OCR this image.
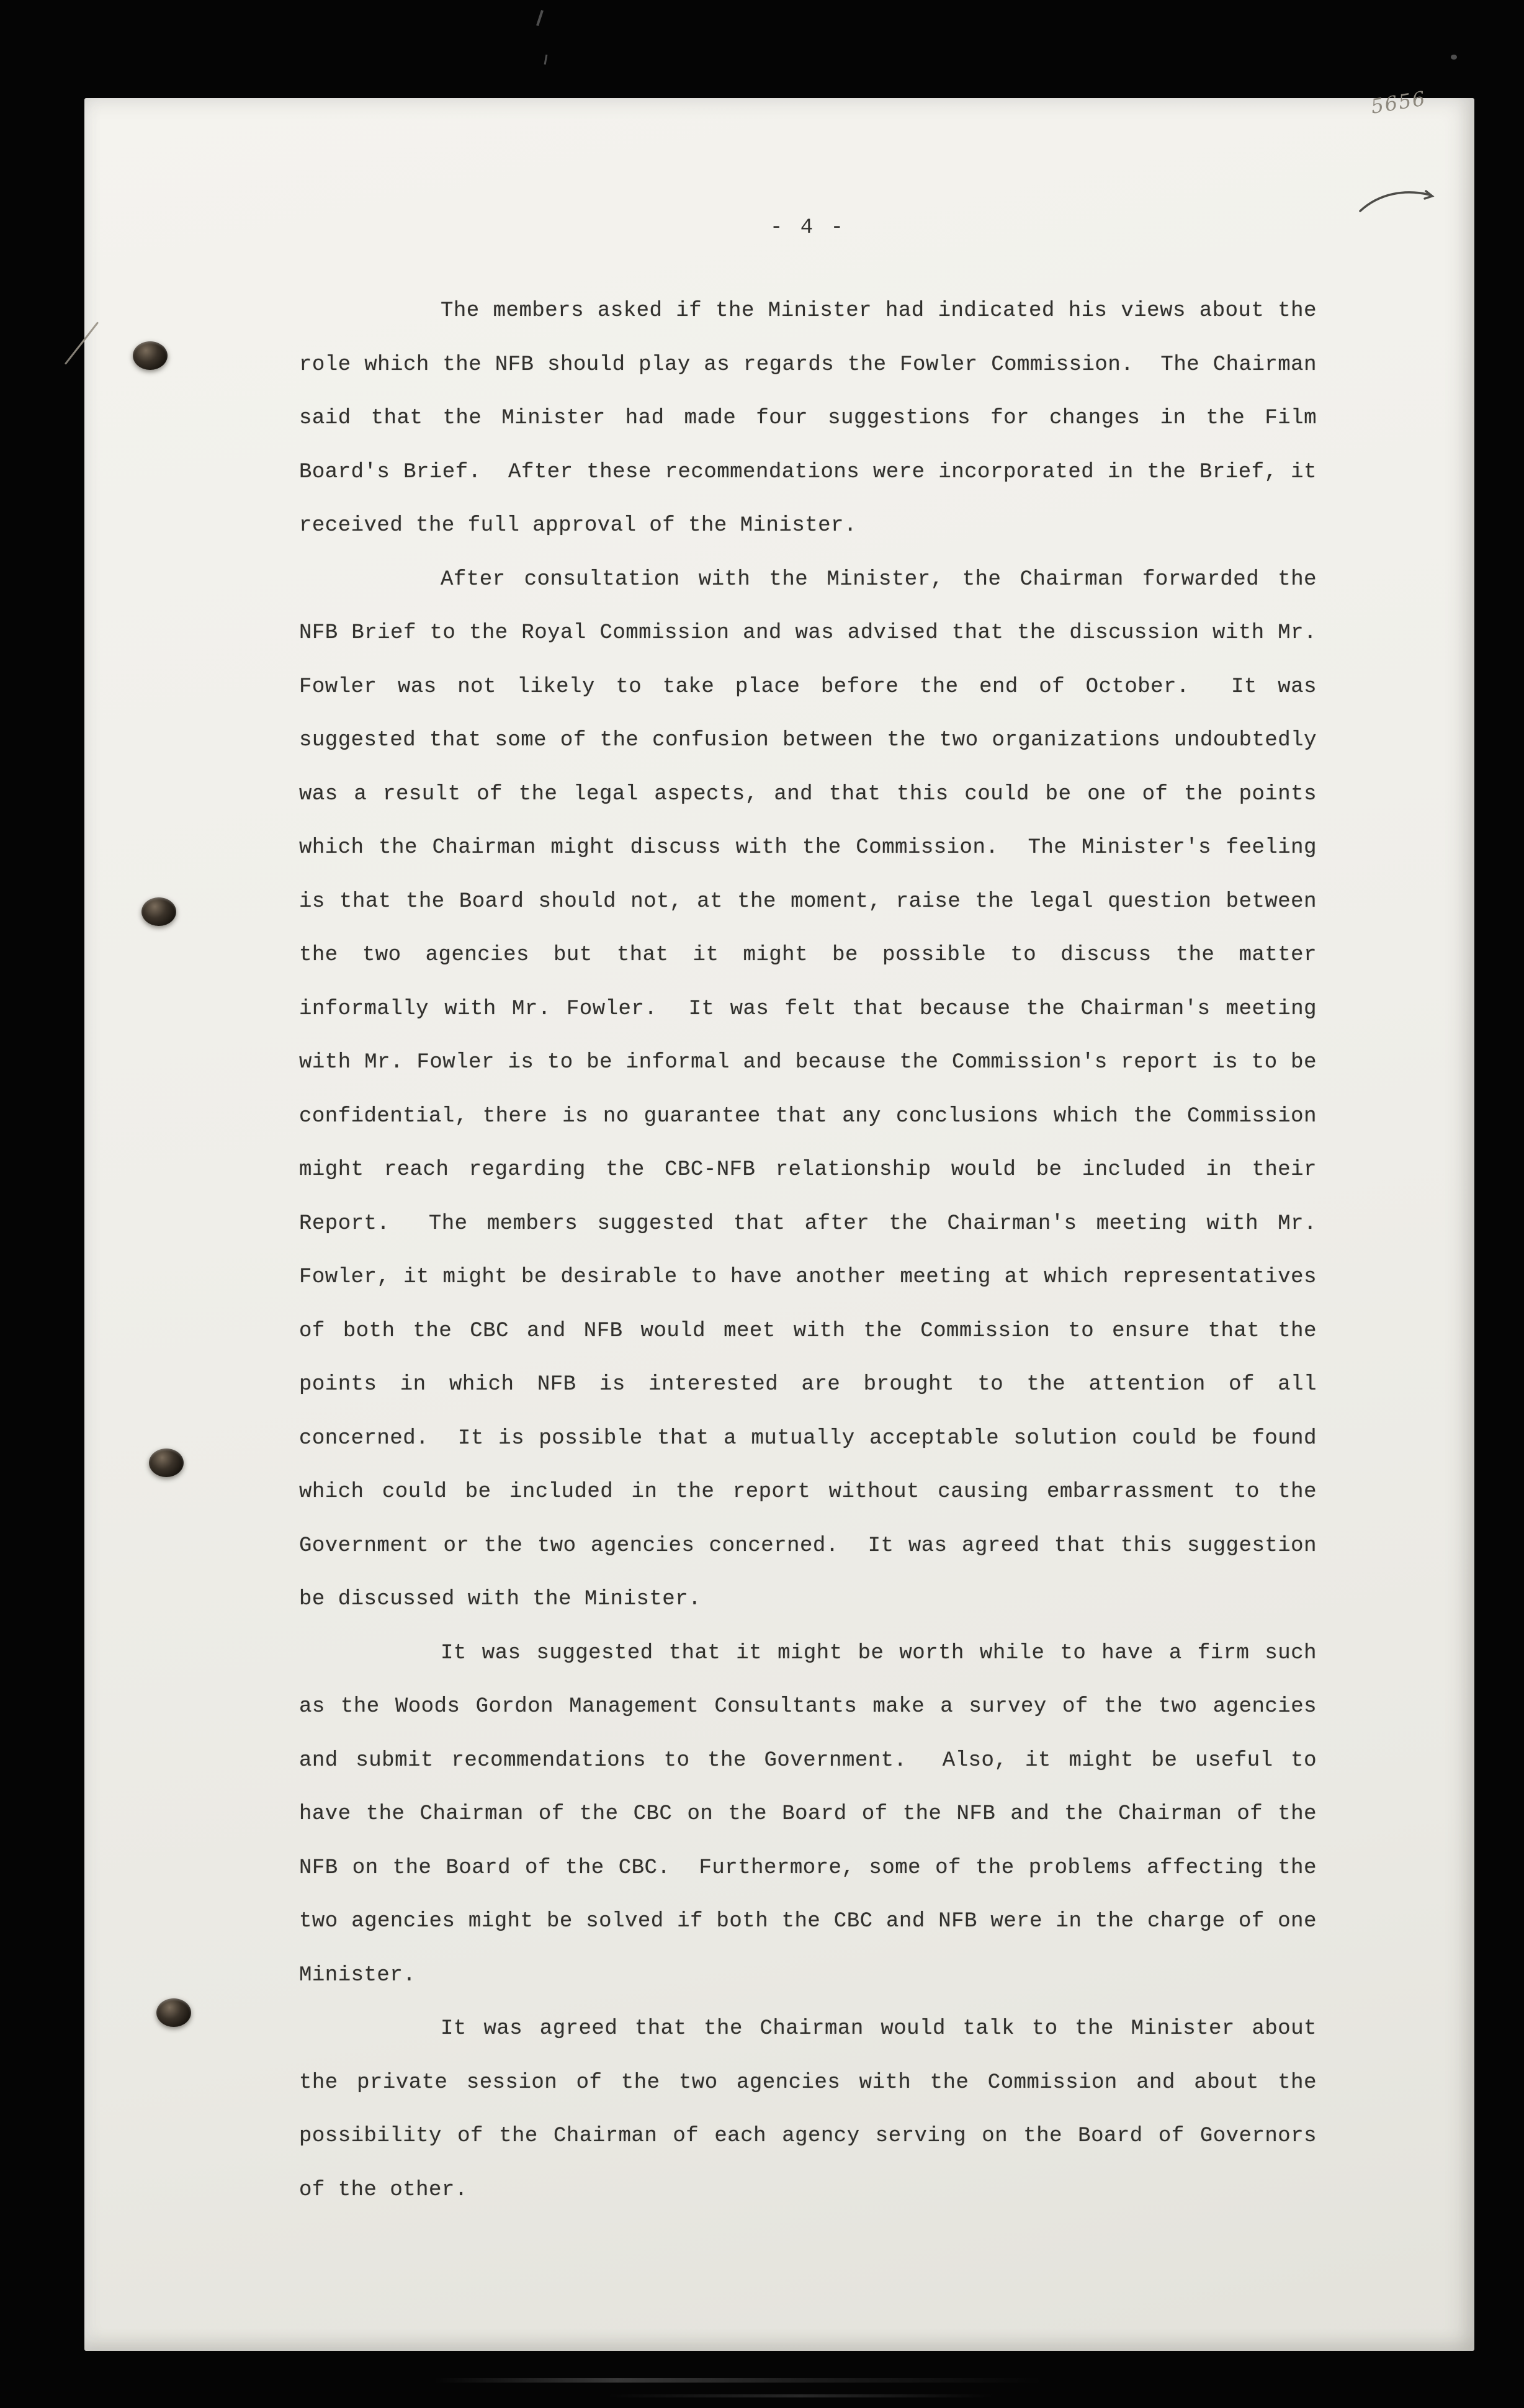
5656
- 4 -

The members asked if the Minister had indicated his views about the role which the NFB should play as regards the Fowler Commission.  The Chairman said that the Minister had made four suggestions for changes in the Film Board's Brief.  After these recommendations were incorporated in the Brief, it received the full approval of the Minister.

After consultation with the Minister, the Chairman forwarded the NFB Brief to the Royal Commission and was advised that the discussion with Mr. Fowler was not likely to take place before the end of October.  It was suggested that some of the confusion between the two organizations undoubtedly was a result of the legal aspects, and that this could be one of the points which the Chairman might discuss with the Commission.  The Minister's feeling is that the Board should not, at the moment, raise the legal question between the two agencies but that it might be possible to discuss the matter informally with Mr. Fowler.  It was felt that because the Chairman's meeting with Mr. Fowler is to be informal and because the Commission's report is to be confidential, there is no guarantee that any conclusions which the Commission might reach regarding the CBC-NFB relationship would be included in their Report.  The members suggested that after the Chairman's meeting with Mr. Fowler, it might be desirable to have another meeting at which representatives of both the CBC and NFB would meet with the Commission to ensure that the points in which NFB is interested are brought to the attention of all concerned.  It is possible that a mutually acceptable solution could be found which could be included in the report without causing embarrassment to the Government or the two agencies concerned.  It was agreed that this suggestion be discussed with the Minister.

It was suggested that it might be worth while to have a firm such as the Woods Gordon Management Consultants make a survey of the two agencies and submit recommendations to the Government.  Also, it might be useful to have the Chairman of the CBC on the Board of the NFB and the Chairman of the NFB on the Board of the CBC.  Furthermore, some of the problems affecting the two agencies might be solved if both the CBC and NFB were in the charge of one Minister.

It was agreed that the Chairman would talk to the Minister about the private session of the two agencies with the Commission and about the possibility of the Chairman of each agency serving on the Board of Governors of the other.
